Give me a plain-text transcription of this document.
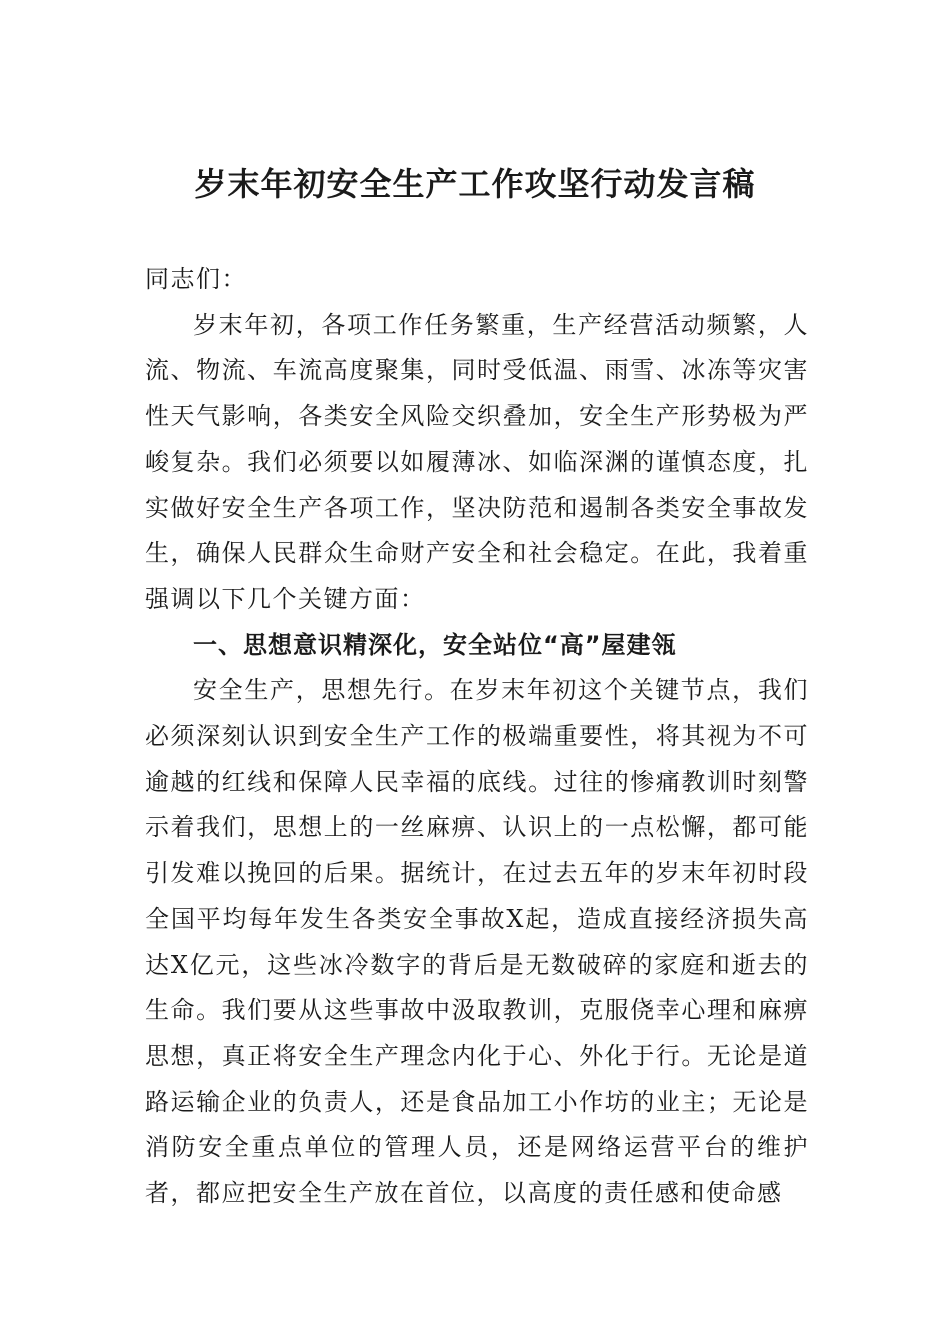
岁末年初安全生产工作攻坚行动发言稿

同志们：

岁末年初，各项工作任务繁重，生产经营活动频繁，人流、物流、车流高度聚集，同时受低温、雨雪、冰冻等灾害性天气影响，各类安全风险交织叠加，安全生产形势极为严峻复杂。我们必须要以如履薄冰、如临深渊的谨慎态度，扎实做好安全生产各项工作，坚决防范和遏制各类安全事故发生，确保人民群众生命财产安全和社会稳定。在此，我着重强调以下几个关键方面：

一、思想意识精深化，安全站位“高”屋建瓴

安全生产，思想先行。在岁末年初这个关键节点，我们必须深刻认识到安全生产工作的极端重要性，将其视为不可逾越的红线和保障人民幸福的底线。过往的惨痛教训时刻警示着我们，思想上的一丝麻痹、认识上的一点松懈，都可能引发难以挽回的后果。据统计，在过去五年的岁末年初时段全国平均每年发生各类安全事故X起，造成直接经济损失高达X亿元，这些冰冷数字的背后是无数破碎的家庭和逝去的生命。我们要从这些事故中汲取教训，克服侥幸心理和麻痹思想，真正将安全生产理念内化于心、外化于行。无论是道路运输企业的负责人，还是食品加工小作坊的业主；无论是消防安全重点单位的管理人员，还是网络运营平台的维护者，都应把安全生产放在首位，以高度的责任感和使命感
